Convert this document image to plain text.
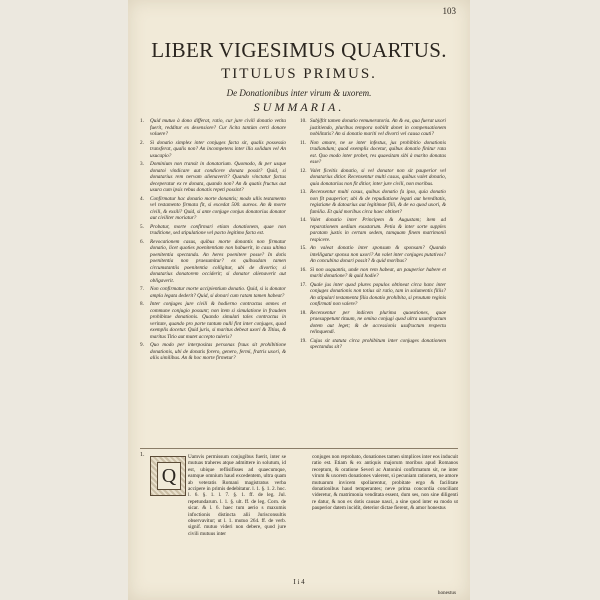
103
LIBER VIGESIMUS QUARTUS.
TITULUS PRIMUS.
De Donationibus inter virum & uxorem.
SUMMARIA.
1.	Quid mutuo à dono differat, ratio, cur jure civili donatio vetita fuerit, redditur ex desensiore? Cur licita tantùm certi donare voluere?
2.	Si donatio simplex inter conjuges facta sit, qualis possessio transferat, qualis non? An incompetens inter illa solidum vel An usucapio?
3.	Dominium non transit in donatarium. Quomodo, & per usque donatoi vindicare aut condicere donata possit? Quid, si donatarius rem nervam alienaverit? Quando vinctatur factus deceperatur ex re donata, quando non? An & quatis fructus aut usura cum ipsis rebus donatis repeti possint?
4.	Confirmatur hac donatio morte donantis; modo ullis testamento vel testamento firmata fit, si excedat 500. aureos. An & morte civili, & exsili? Quid, si ante conjuge conjux donatorius donator aut civiliter moriatur?
5.	Probatur, morte confirmari etiam donationem, quae non traditione, sed stipulatione vel pacto legitimo facta est.
6.	Revocationem casus, quibus morte donantis non firmatur donatio, licet quoties poenitentiam non habuerit, in casu ultima poenitentia spectanda. An heres poenitere posse? In dotis poenitentia non praesumitur? ex quibusdam tamen circumstantiis poenitentia colligitur, ubi de divortio; si donatarius donatorem occiderit; si donator alienaverit aut obligaverit.
7.	Non confirmatur morte accipientium donatio. Quid, si is donator ampla legata dederit? Quid, si donari cum ratam tamen habeat?
8.	Inter conjuges jure civili & hodierno contractus omnes et commune conjugio possunt; non item si simulatione in fraudem prohibitae donationis. Quando simulati tales contractus in veritate, quando pro parte tantum nulli fint inter conjuges, quod exemplis docetur. Quid juris, si maritus debeat uxori & Titius, & maritus Titio aut mutet accepto tuleris?
9.	Quo modo per interpositas personas fraus sit prohibitione donationis, ubi de donatis forero, genero, fermi, fratris uxori, & aliis similibus. An & hoc morte firmetur?
10. Subjiftit tamen donatio remuneratoria. An & ea, qua fuerat uxori justitiendo, pluribus tempora nobilit donet in compensationem nobilitatis? An si donatio mariti vel divorti vel causa cauti?
11. Non amare, ne se inter infestus, jus prohibitio donationis tradiandum; quod exemplis docetur, quibus donatio finitur rata est. Quo modo inter probet, res quaesitam sibi à marito donatas esse?
12. Valet ficeitis donatio, si vel donator non sit pauperior vel donatarius ditior. Recensentur multi casus, quibus valet donatio, quia donatarius non fit ditior, inter jure civili, non moribus.
13. Recensentur multi casus, quibus donatio fa ipso, quia donatio non fit pauperior; ubi & de repudiatione legati aut hereditatis, registiane & datoarius aut legitimae filii, & de ea quod uxori, & familia. Et quid moribus circa haec obtinet?
14. Valet donatio inter Principem & Augustam; item ad reparationem aedium exustarum. Petia & inter sorte supplex paratam juxtis in certam sedem, tamquam finem matrimonii respicere.
15. An valeat donatio inter sponsum & sponsam? Quando intelligatur sponsa non uxori? An valet inter conjuges putativos? An concubina donari possit? & quid moribus?
16. Si non usquantis, unde non rem habeat, an pauperior habere et mariti donatione? & quid hodie?
17. Quale jus inter quod plures populos obtineat circa hanc inter conjuges donationis non totius sit ratio, tam in solumentis filiis? An stipulari testamenta filia donatio prohibita, si proutum reginis confirmati non valere?
18. Recensentur per indicem plurima quaestiones, quae praesuppetunt tituum, ne omina conjugi quod ultra usumfructum dotem aut leget; & de accessionis usufructum respectu relinquendi.
19. Cujus sit statuta circa prohibitum inter conjuges donationem spectandus sit?
1.
Q

Uamvis permissum conjugibus fuerit, inter se mutuas traheres atque admittere in solutum, id est, ubique reflisifisses ad quaecumque, eamque omnium haud excedentem, ultra quam ab veteratis Romani magistratus verba accipere in primis dedebitatur. l. 1. §. 1. 2. hoc. l. 6. §. 1. l. 7. §. 1. ff. de leg. Jul. repetundarum. l. 1. §. ult. ff. de leg. Corn. de sicar. & l. 6. haec tum aerio s maxumis infoctionis distincta alii Jurisconsultis observavitur; ut l. 1. mutuo 264. ff. de verb. signif. mutuo videri non debere, quod jure civili mutuus inter

conjuges non reprobato, donationes tamen simplices inter eos inducuit ratio est. Etiam & ex antiquis majorum moribus apud Romanos receptum, & oratione Severi ac Antonini confirmatum sit, ne inter virum & uxorem donationes valerent, sì pecuniam rationem, ne amore mutuarum invicem spoliarentur, probitate ergo & facilitate donationibus haud temperantes; neve prima concordia conciliant videretur, & matrimonia venditata essent, dum ses, non sine diligenti re datur, & non ex dotis causae nasci, a sine quod inter ea modo ut pauperior datem incidit, deterior dictae fierent, & amor honestus
I i 4
honestus
